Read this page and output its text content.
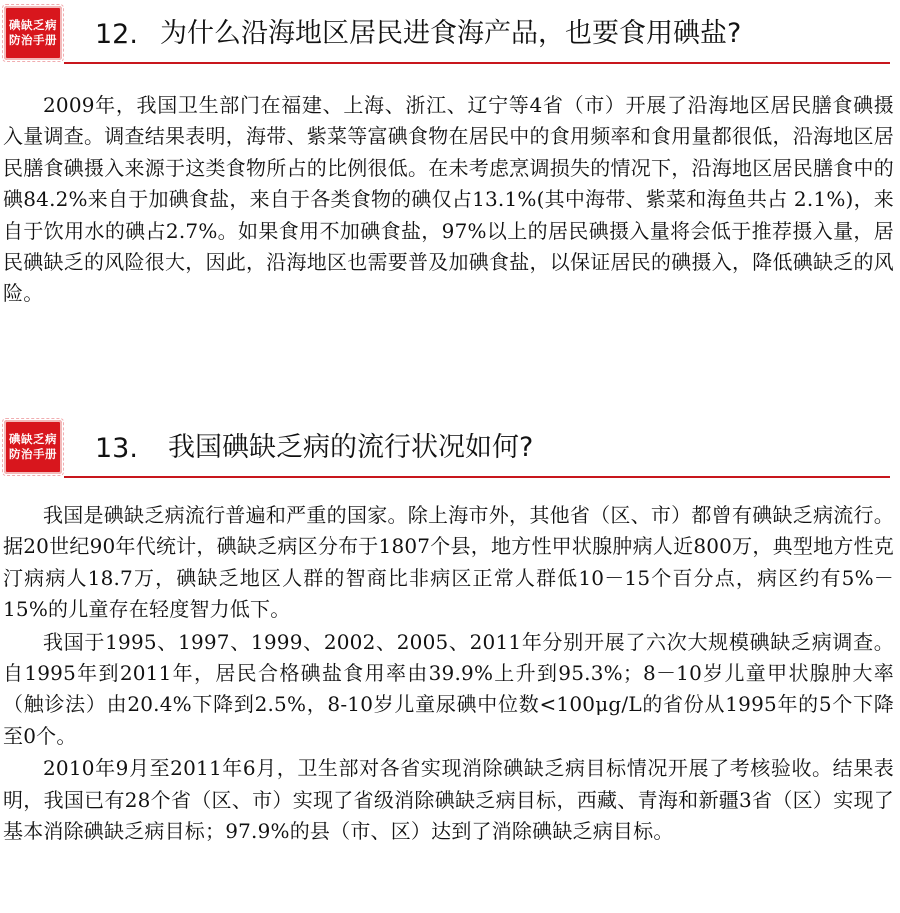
碘缺乏病
防治手册 12. 为什么沿海地区居民进食海产品，也要食用碘盐?

2009年，我国卫生部门在福建、上海、浙江、辽宁等4省（市）开展了沿海地区居民膳食碘摄入量调查。调查结果表明，海带、紫菜等富碘食物在居民中的食用频率和食用量都很低，沿海地区居民膳食碘摄入来源于这类食物所占的比例很低。在未考虑烹调损失的情况下，沿海地区居民膳食中的碘84.2%来自于加碘食盐，来自于各类食物的碘仅占13.1%(其中海带、紫菜和海鱼共占 2.1%)，来自于饮用水的碘占2.7%。如果食用不加碘食盐，97%以上的居民碘摄入量将会低于推荐摄入量，居民碘缺乏的风险很大，因此，沿海地区也需要普及加碘食盐，以保证居民的碘摄入，降低碘缺乏的风险。

碘缺乏病
防治手册 13. 我国碘缺乏病的流行状况如何?

我国是碘缺乏病流行普遍和严重的国家。除上海市外，其他省（区、市）都曾有碘缺乏病流行。据20世纪90年代统计，碘缺乏病区分布于1807个县，地方性甲状腺肿病人近800万，典型地方性克汀病病人18.7万，碘缺乏地区人群的智商比非病区正常人群低10－15个百分点，病区约有5%－15%的儿童存在轻度智力低下。

我国于1995、1997、1999、2002、2005、2011年分别开展了六次大规模碘缺乏病调查。自1995年到2011年，居民合格碘盐食用率由39.9%上升到95.3%；8－10岁儿童甲状腺肿大率（触诊法）由20.4%下降到2.5%，8-10岁儿童尿碘中位数<100μg/L的省份从1995年的5个下降至0个。

2010年9月至2011年6月，卫生部对各省实现消除碘缺乏病目标情况开展了考核验收。结果表明，我国已有28个省（区、市）实现了省级消除碘缺乏病目标，西藏、青海和新疆3省（区）实现了基本消除碘缺乏病目标；97.9%的县（市、区）达到了消除碘缺乏病目标。
